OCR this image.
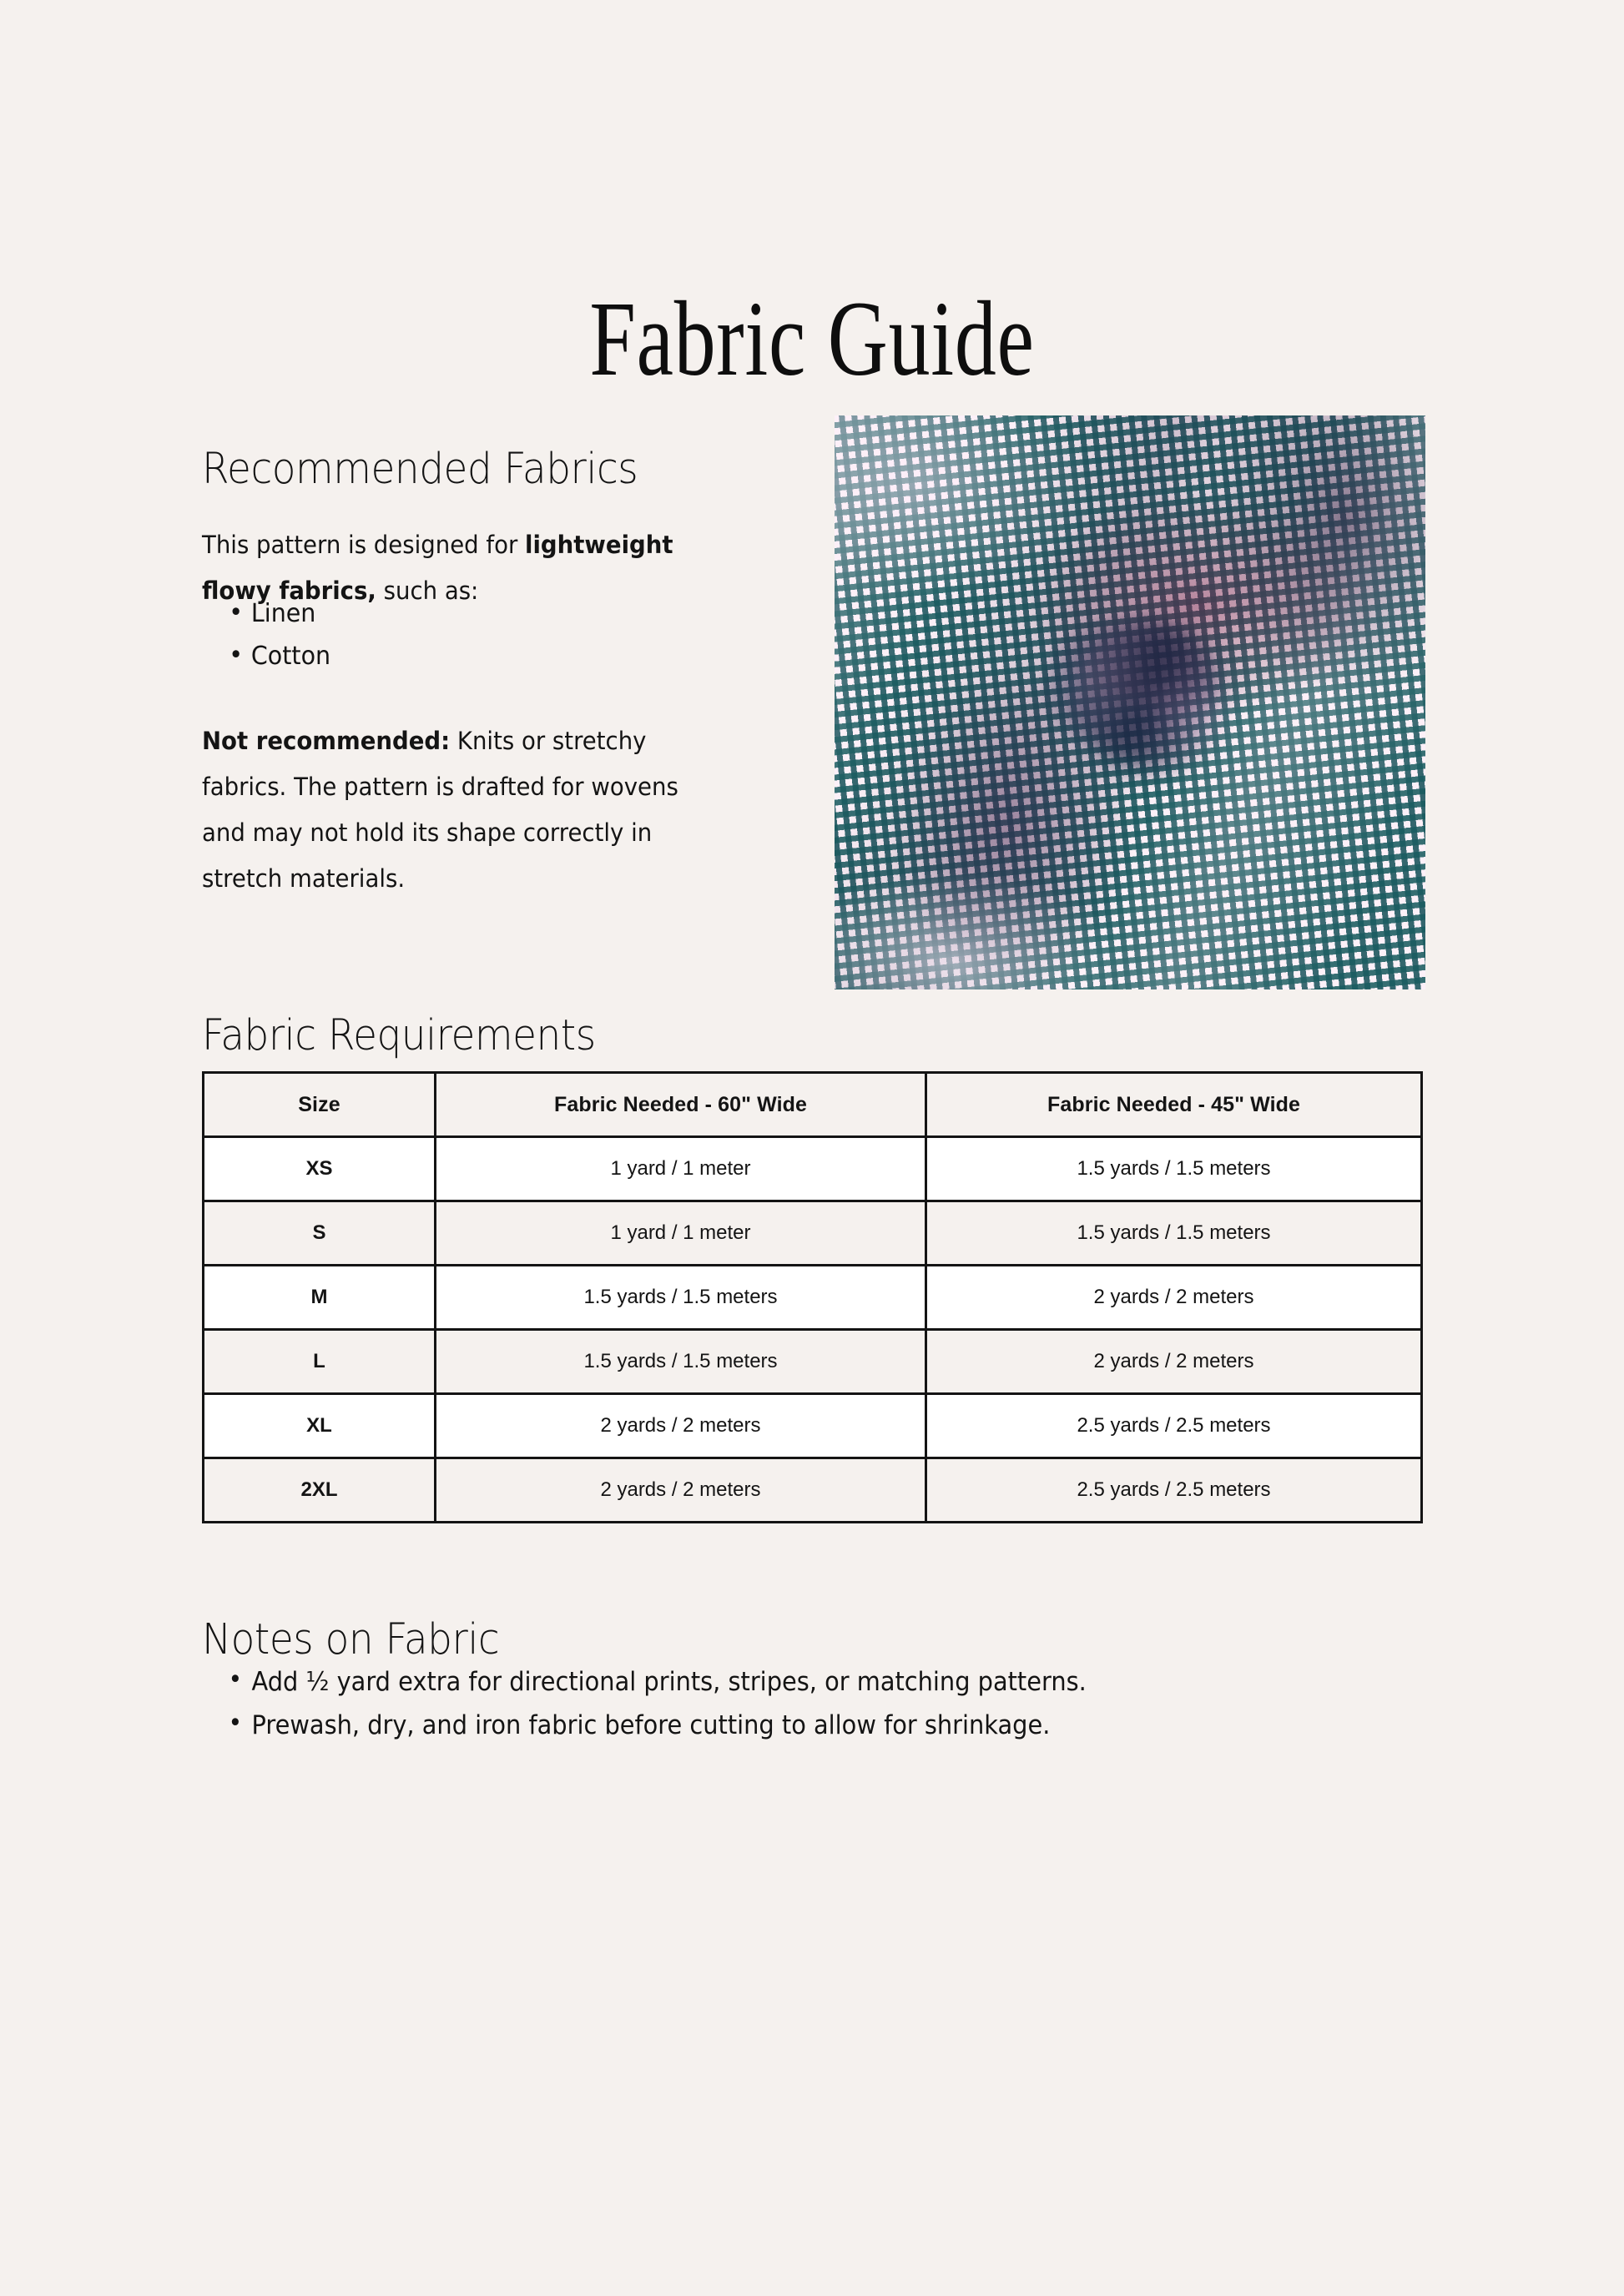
Fabric Guide
Recommended Fabrics

This pattern is designed for lightweight flowy fabrics, such as:

• Linen
• Cotton

Not recommended: Knits or stretchy fabrics. The pattern is drafted for wovens and may not hold its shape correctly in stretch materials.

Fabric Requirements
Size	Fabric Needed - 60" Wide	Fabric Needed - 45" Wide
XS	1 yard / 1 meter	1.5 yards / 1.5 meters
S	1 yard / 1 meter	1.5 yards / 1.5 meters
M	1.5 yards / 1.5 meters	2 yards / 2 meters
L	1.5 yards / 1.5 meters	2 yards / 2 meters
XL	2 yards / 2 meters	2.5 yards / 2.5 meters
2XL	2 yards / 2 meters	2.5 yards / 2.5 meters
Notes on Fabric
• Add ½ yard extra for directional prints, stripes, or matching patterns.
• Prewash, dry, and iron fabric before cutting to allow for shrinkage.
